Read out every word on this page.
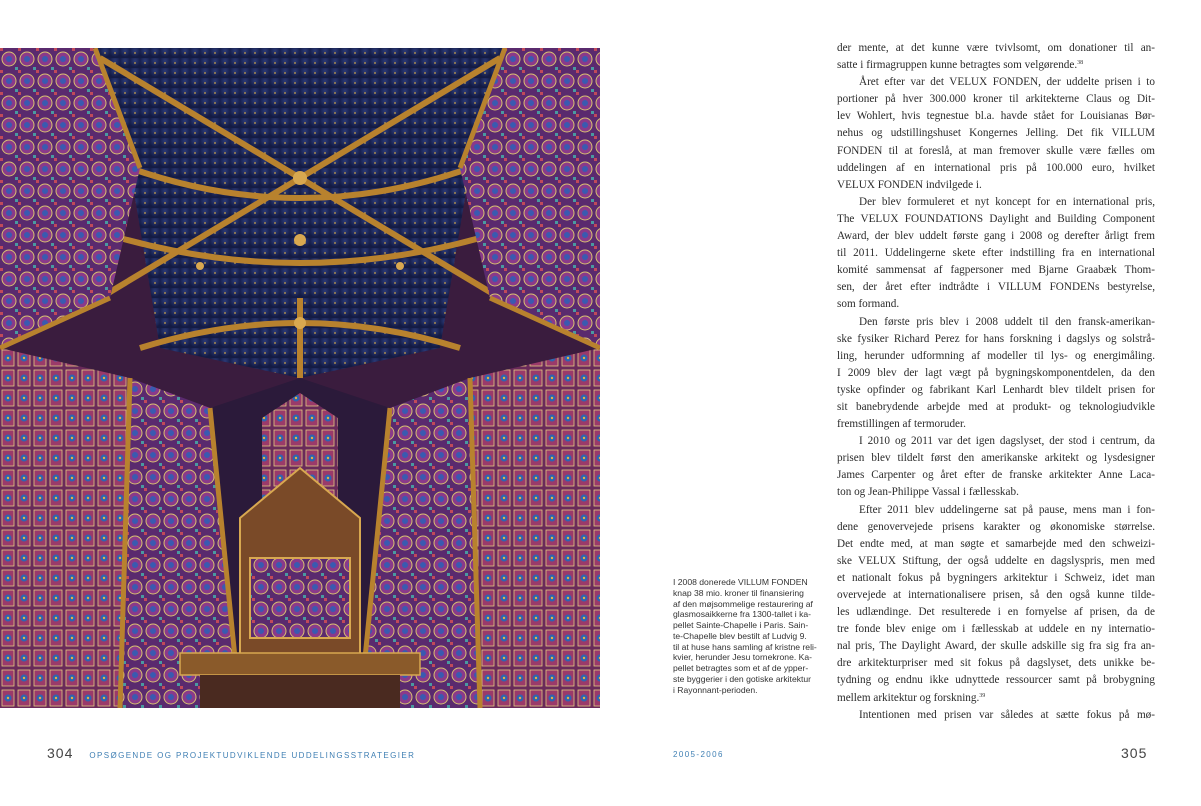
I 2008 donerede VILLUM FONDEN

knap 38 mio. kroner til finansiering

af den møjsommelige restaurering af

glasmosaikkerne fra 1300-tallet i ka-

pellet Sainte-Chapelle i Paris. Sain-

te-Chapelle blev bestilt af Ludvig 9.

til at huse hans samling af kristne reli-

kvier, herunder Jesu tornekrone. Ka-

pellet betragtes som et af de ypper-

ste byggerier i den gotiske arkitektur

i Rayonnant-perioden.

der mente, at det kunne være tvivlsomt, om donationer til an-
satte i firmagruppen kunne betragtes som velgørende.$^{38}$
Året efter var det VELUX FONDEN, der uddelte prisen i to
portioner på hver 300.000 kroner til arkitekterne Claus og Dit-
lev Wohlert, hvis tegnestue bl.a. havde stået for Louisianas Bør-
nehus og udstillingshuset Kongernes Jelling. Det fik VILLUM
FONDEN til at foreslå, at man fremover skulle være fælles om
uddelingen af en international pris på 100.000 euro, hvilket
VELUX FONDEN indvilgede i.
Der blev formuleret et nyt koncept for en international pris,
The VELUX FOUNDATIONS Daylight and Building Component
Award, der blev uddelt første gang i 2008 og derefter årligt frem
til 2011. Uddelingerne skete efter indstilling fra en international
komité sammensat af fagpersoner med Bjarne Graabæk Thom-
sen, der året efter indtrådte i VILLUM FONDENs bestyrelse,
som formand.
Den første pris blev i 2008 uddelt til den fransk-amerikan-
ske fysiker Richard Perez for hans forskning i dagslys og solstrå-
ling, herunder udformning af modeller til lys- og energimåling.
I 2009 blev der lagt vægt på bygningskomponentdelen, da den
tyske opfinder og fabrikant Karl Lenhardt blev tildelt prisen for
sit banebrydende arbejde med at produkt- og teknologiudvikle
fremstillingen af termoruder.
I 2010 og 2011 var det igen dagslyset, der stod i centrum, da
prisen blev tildelt først den amerikanske arkitekt og lysdesigner
James Carpenter og året efter de franske arkitekter Anne Laca-
ton og Jean-Philippe Vassal i fællesskab.
Efter 2011 blev uddelingerne sat på pause, mens man i fon-
dene genovervejede prisens karakter og økonomiske størrelse.
Det endte med, at man søgte et samarbejde med den schweizi-
ske VELUX Stiftung, der også uddelte en dagslyspris, men med
et nationalt fokus på bygningers arkitektur i Schweiz, idet man
overvejede at internationalisere prisen, så den også kunne tilde-
les udlændinge. Det resulterede i en fornyelse af prisen, da de
tre fonde blev enige om i fællesskab at uddele en ny internatio-
nal pris, The Daylight Award, der skulle adskille sig fra sig fra an-
dre arkitekturpriser med sit fokus på dagslyset, dets unikke be-
tydning og endnu ikke udnyttede ressourcer samt på brobygning
mellem arkitektur og forskning.$^{39}$
Intentionen med prisen var således at sætte fokus på mø-
304 OPSØGENDE OG PROJEKTUDVIKLENDE UDDELINGSSTRATEGIER	2005-2006	305
